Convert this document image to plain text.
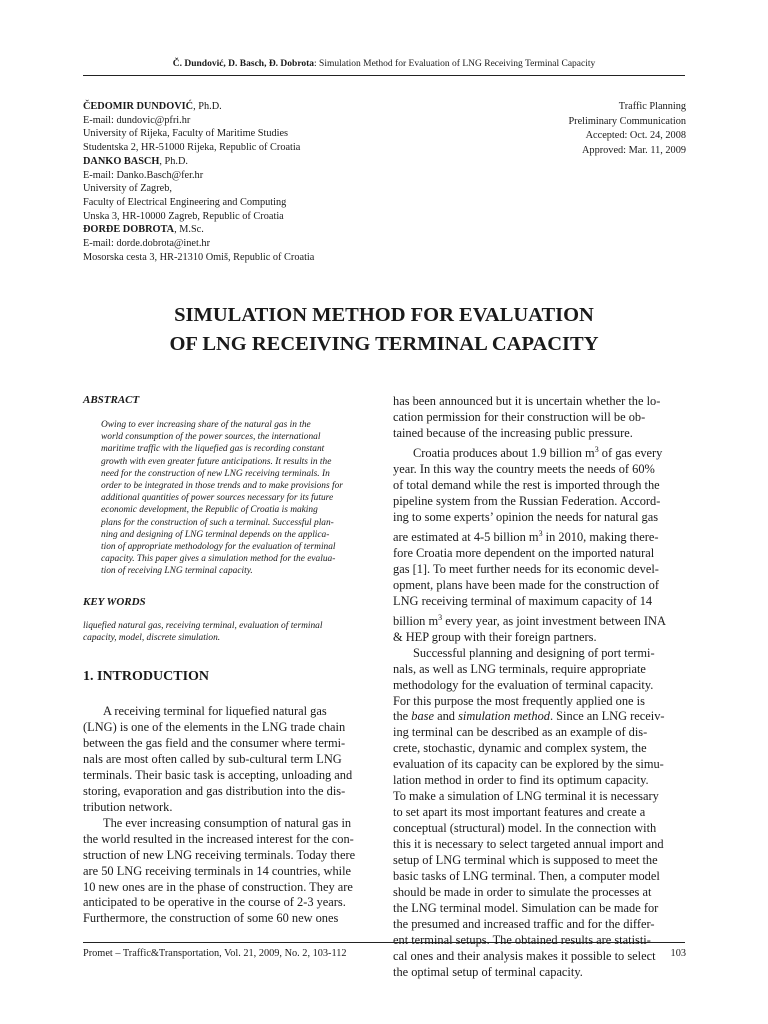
Č. Dundović, D. Basch, Đ. Dobrota: Simulation Method for Evaluation of LNG Receiving Terminal Capacity
ČEDOMIR DUNDOVIĆ, Ph.D.
E-mail: dundovic@pfri.hr
University of Rijeka, Faculty of Maritime Studies
Studentska 2, HR-51000 Rijeka, Republic of Croatia
DANKO BASCH, Ph.D.
E-mail: Danko.Basch@fer.hr
University of Zagreb,
Faculty of Electrical Engineering and Computing
Unska 3, HR-10000 Zagreb, Republic of Croatia
ĐORĐE DOBROTA, M.Sc.
E-mail: dorde.dobrota@inet.hr
Mosorska cesta 3, HR-21310 Omiš, Republic of Croatia
Traffic Planning
Preliminary Communication
Accepted: Oct. 24, 2008
Approved: Mar. 11, 2009
SIMULATION METHOD FOR EVALUATION
OF LNG RECEIVING TERMINAL CAPACITY

ABSTRACT

Owing to ever increasing share of the natural gas in the
world consumption of the power sources, the international
maritime traffic with the liquefied gas is recording constant
growth with even greater future anticipations. It results in the
need for the construction of new LNG receiving terminals. In
order to be integrated in those trends and to make provisions for
additional quantities of power sources necessary for its future
economic development, the Republic of Croatia is making
plans for the construction of such a terminal. Successful plan-
ning and designing of LNG terminal depends on the applica-
tion of appropriate methodology for the evaluation of terminal
capacity. This paper gives a simulation method for the evalua-
tion of receiving LNG terminal capacity.

KEY WORDS

liquefied natural gas, receiving terminal, evaluation of terminal
capacity, model, discrete simulation.

1. INTRODUCTION

A receiving terminal for liquefied natural gas
(LNG) is one of the elements in the LNG trade chain
between the gas field and the consumer where termi-
nals are most often called by sub-cultural term LNG
terminals. Their basic task is accepting, unloading and
storing, evaporation and gas distribution into the dis-
tribution network.
The ever increasing consumption of natural gas in
the world resulted in the increased interest for the con-
struction of new LNG receiving terminals. Today there
are 50 LNG receiving terminals in 14 countries, while
10 new ones are in the phase of construction. They are
anticipated to be operative in the course of 2-3 years.
Furthermore, the construction of some 60 new ones
has been announced but it is uncertain whether the lo-
cation permission for their construction will be ob-
tained because of the increasing public pressure.
Croatia produces about 1.9 billion $m^3$ of gas every
year. In this way the country meets the needs of 60%
of total demand while the rest is imported through the
pipeline system from the Russian Federation. Accord-
ing to some experts’ opinion the needs for natural gas
are estimated at 4-5 billion $m^3$ in 2010, making there-
fore Croatia more dependent on the imported natural
gas [1]. To meet further needs for its economic devel-
opment, plans have been made for the construction of
LNG receiving terminal of maximum capacity of 14
billion $m^3$ every year, as joint investment between INA
& HEP group with their foreign partners.
Successful planning and designing of port termi-
nals, as well as LNG terminals, require appropriate
methodology for the evaluation of terminal capacity.
For this purpose the most frequently applied one is
the base and simulation method. Since an LNG receiv-
ing terminal can be described as an example of dis-
crete, stochastic, dynamic and complex system, the
evaluation of its capacity can be explored by the simu-
lation method in order to find its optimum capacity.
To make a simulation of LNG terminal it is necessary
to set apart its most important features and create a
conceptual (structural) model. In the connection with
this it is necessary to select targeted annual import and
setup of LNG terminal which is supposed to meet the
basic tasks of LNG terminal. Then, a computer model
should be made in order to simulate the processes at
the LNG terminal model. Simulation can be made for
the presumed and increased traffic and for the differ-
ent terminal setups. The obtained results are statisti-
cal ones and their analysis makes it possible to select
the optimal setup of terminal capacity.
Promet – Traffic&Transportation, Vol. 21, 2009, No. 2, 103-112	103
